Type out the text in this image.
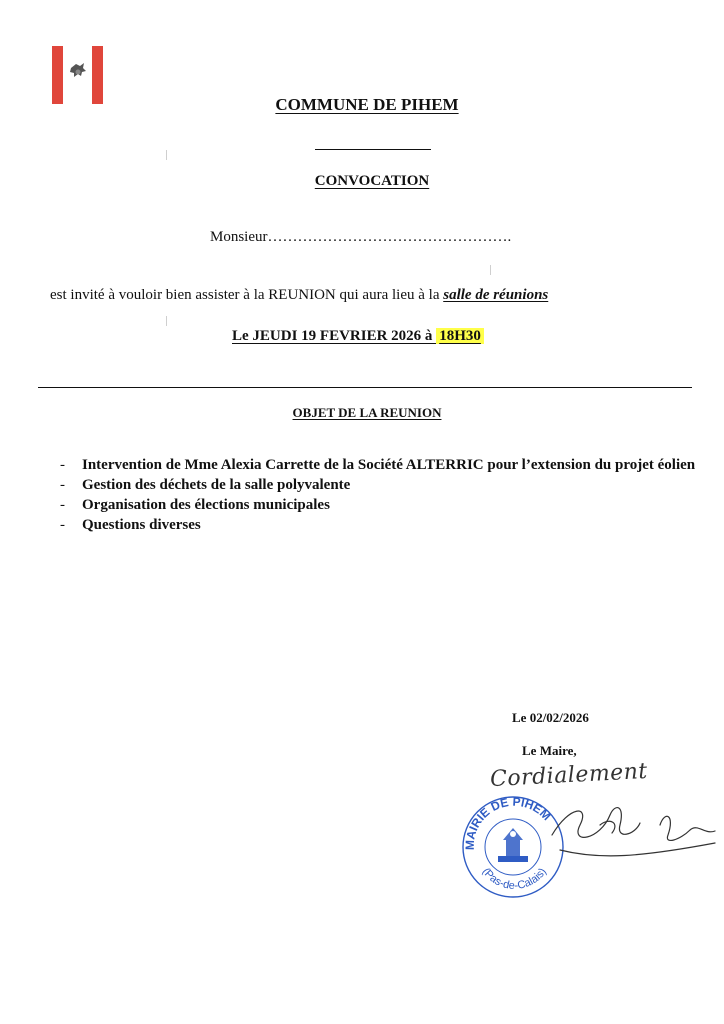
COMMUNE DE PIHEM
CONVOCATION
Monsieur………………………………………….
est invité à vouloir bien assister à la REUNION qui aura lieu à la salle de réunions
Le JEUDI 19 FEVRIER 2026 à 18H30
OBJET DE LA REUNION
- Intervention de Mme Alexia Carrette de la Société ALTERRIC pour l’extension du projet éolien
- Gestion des déchets de la salle polyvalente
- Organisation des élections municipales
- Questions diverses
Le 02/02/2026
Le Maire,
Cordialement
MAIRIE DE PIHEM
(Pas-de-Calais)
